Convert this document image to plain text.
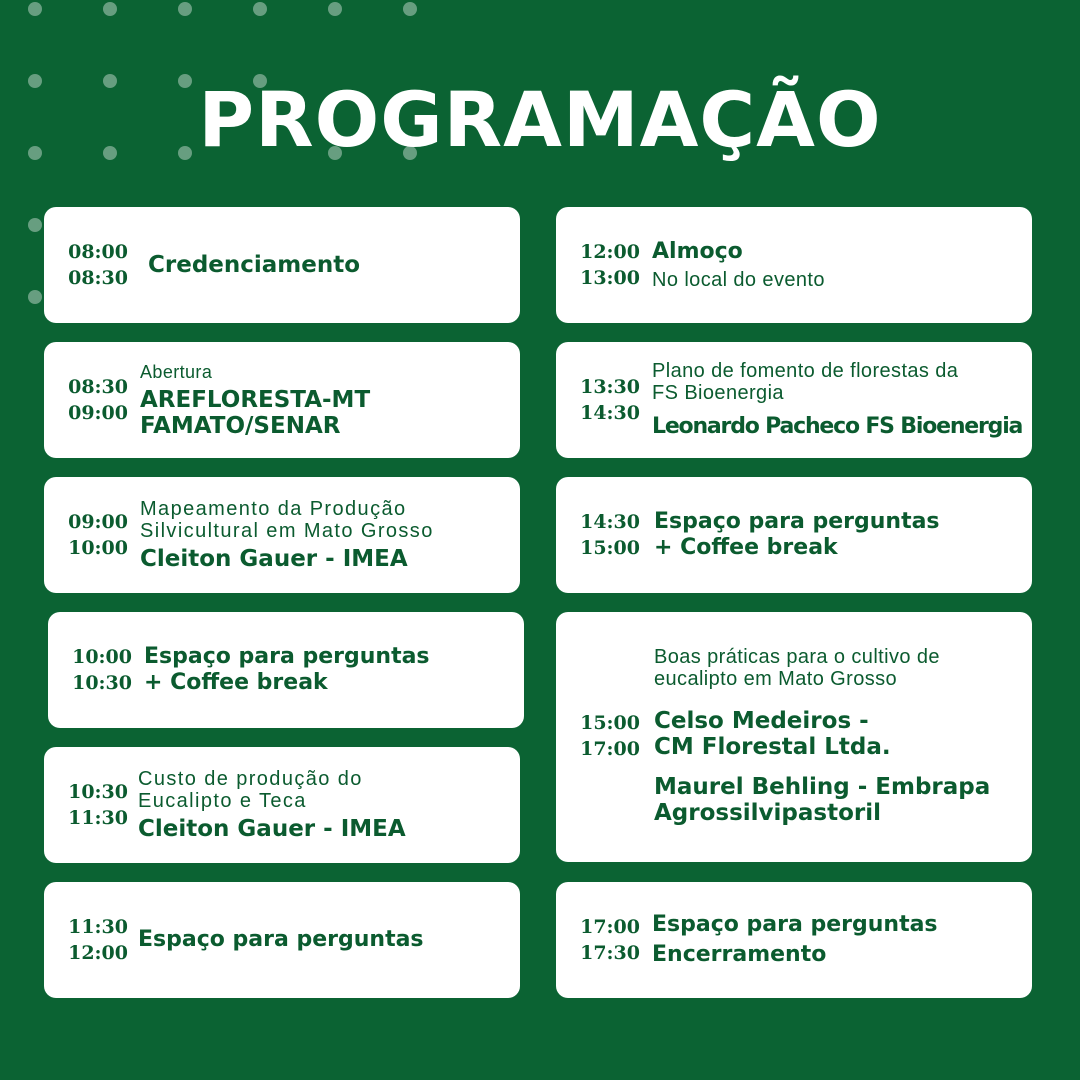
PROGRAMAÇÃO
08:00
08:30 Credenciamento
08:30
09:00
Abertura
AREFLORESTA-MT
FAMATO/SENAR
09:00
10:00
Mapeamento da Produção
Silvicultural em Mato Grosso
Cleiton Gauer - IMEA
10:00
10:30
Espaço para perguntas
+ Coffee break
10:30
11:30
Custo de produção do
Eucalipto e Teca
Cleiton Gauer - IMEA
11:30
12:00
Espaço para perguntas
12:00
13:00
Almoço
No local do evento
13:30
14:30
Plano de fomento de florestas da
FS Bioenergia
Leonardo Pacheco FS Bioenergia
14:30
15:00
Espaço para perguntas
+ Coffee break
15:00
17:00
Boas práticas para o cultivo de
eucalipto em Mato Grosso
Celso Medeiros -
CM Florestal Ltda.
Maurel Behling - Embrapa
Agrossilvipastoril
17:00
17:30
Espaço para perguntas
Encerramento
